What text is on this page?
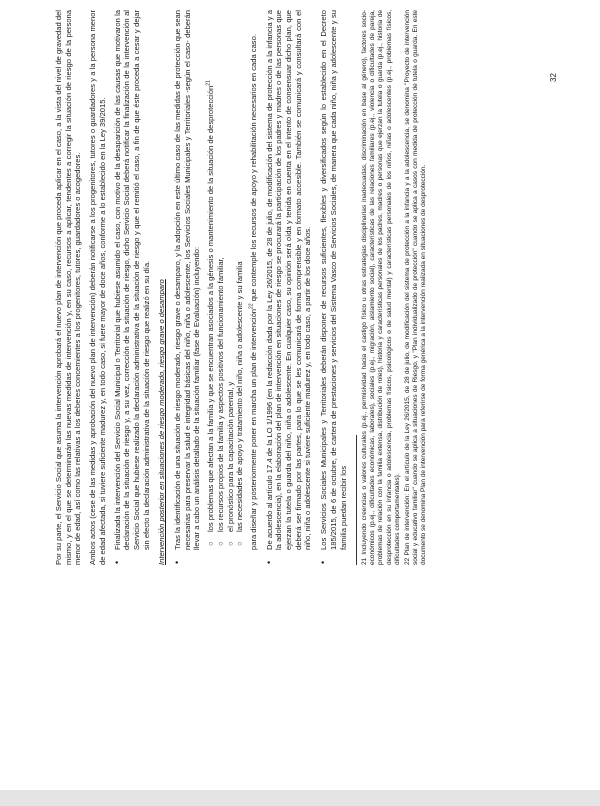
Por su parte, el Servicio Social que asuma la intervención aprobará el nuevo plan de intervención que proceda aplicar en el caso, a la vista del nivel de gravedad del mismo, y en el que se determinarán las nuevas medidas de intervención y, en su caso, recursos a aplicar, tendentes a corregir la situación de riesgo de la persona menor de edad, así como las relativas a los deberes concernientes a los progenitores, tutores, guardadores o acogedores. Ambos actos (cese de las medidas y aprobación del nuevo plan de intervención) deberán notificarse a los progenitores, tutores o guardadores y a la persona menor de edad afectada, si tuviere suficiente madurez y, en todo caso, si fuere mayor de doce años, conforme a lo establecido en la Ley 39/2015. •
Finalizada la intervención del Servicio Social Municipal o Territorial que hubiese asumido el caso, con motivo de la desaparición de las causas que motivaron la declaración de la situación de riesgo y, a su vez, corrección de la situación de riesgo, dicho Servicio Social deberá notificar la finalización de la intervención al Servicio Social que hubiese realizado la declaración administrativa de la situación de riesgo y que el remitió el caso, a fin de que éste proceda a cesar y dejar sin efecto la declaración administrativa de la situación de riesgo que realizó en su día. Intervención posterior en situaciones de riesgo moderado, riesgo grave o desamparo •
Tras la identificación de una situación de riesgo moderado, riesgo grave o desamparo, y la adopción en este último caso de las medidas de protección que sean necesarias para preservar la salud e integridad básicas del niño, niña o adolescente, los Servicios Sociales Municipales y Territoriales -según el caso- deberán llevar a cabo un análisis detallado de la situación familiar (fase de Evaluación) incluyendo: ○
los problemas que afectan a la familia y que se encuentran asociados a la génesis o mantenimiento de la situación de desprotección$^{21}$
○
los recursos propios de la familia y aspectos positivos del funcionamiento familiar,
○
el pronóstico para la capacitación parental, y
○
las necesidades de apoyo y tratamiento del niño, niña o adolescente y su familia para diseñar y posteriormente poner en marcha un plan de intervención$^{22}$ que contemple los recursos de apoyo y rehabilitación necesarios en cada caso.
•
De acuerdo al artículo 17.4 de la LO 1/1996 (en la redacción dada por la Ley 26/2015, de 28 de julio, de modificación del sistema de protección a la infancia y a la adolescencia), en la elaboración del plan de intervención en situaciones de riesgo se procurará la participación de los padres y madres o de las personas que ejerzan la tutela o guarda del niño, niña o adolescente. En cualquier caso, su opinión será oída y tenida en cuenta en el intento de consensuar dicho plan, que deberá ser firmado por las partes, para lo que se les comunicará de forma comprensible y en formato accesible. También se comunicará y consultará con el niño, niña o adolescente si tuviere suficiente madurez y, en todo caso, a partir de los doce años.
•
Los Servicios Sociales Municipales y Territoriales deberán disponer de recursos suficientes, flexibles y diversificados según lo establecido en el Decreto 185/2015, de 6 de octubre, de cartera de prestaciones y servicios del Sistema Vasco de Servicios Sociales, de manera que cada niño, niña y adolescente y su familia puedan recibir los 21 Incluyendo creencias o valores culturales (p.ej., permisividad hacia el castigo físico u otras estrategias disciplinarias inadecuadas, discriminación en base al género), factores socio-económicos (p.ej., dificultades económicas, laborales), sociales (p.ej., migración, aislamiento social), características de las relaciones familiares (p.ej., violencia o dificultades de pareja, problemas de relación con la familia extensa, distribución de roles), historia y características personales de los padres, madres o personas que ejerzan la tutela o guarda (p.ej., historia de desprotección en su infancia o adolescencia, problemas físicos, psicológicos o de salud mental) y características personales de los niños, niñas o adolescentes (p.ej., problemas físicos, dificultades comportamentales). 22 Plan de intervención: En el artículo de la Ley 26/2015, de 28 de julio, de modificación del sistema de protección a la infancia y a la adolescencia, se denomina "Proyecto de intervención social y educativo familiar" cuando se aplica a situaciones de Riesgo, y "Plan individualizado de protección" cuando se aplica a casos con medida de protección de tutela o guarda. En este documento se denomina Plan de intervención para referirse de forma genérica a la intervención realizada en situaciones de desprotección.

32
